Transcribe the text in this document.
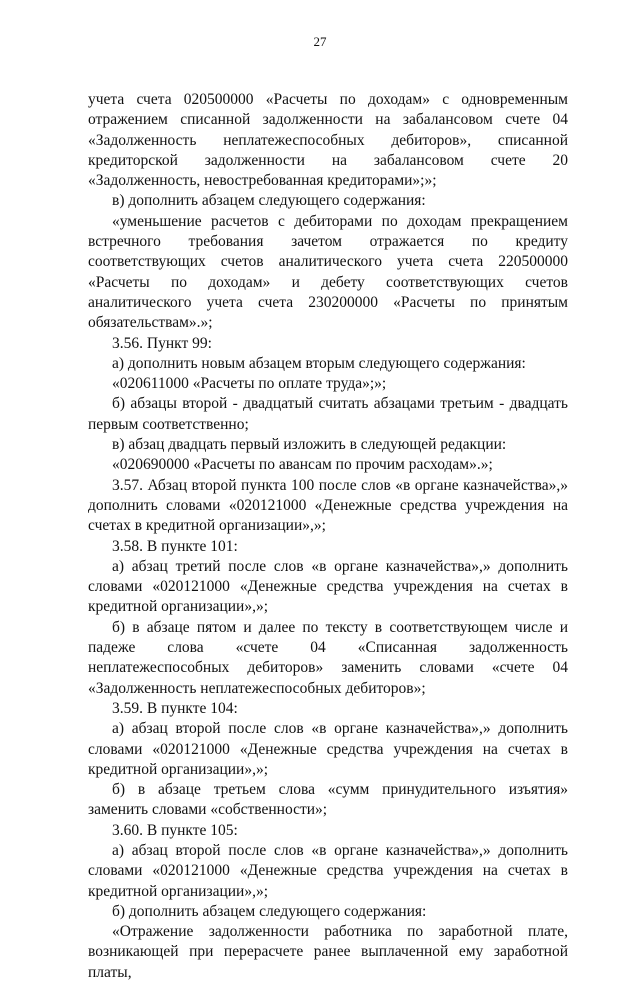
27

учета счета 020500000 «Расчеты по доходам» с одновременным отражением списанной задолженности на забалансовом счете 04 «Задолженность неплатежеспособных дебиторов», списанной кредиторской задолженности на забалансовом счете 20 «Задолженность, невостребованная кредиторами»;»;

в) дополнить абзацем следующего содержания:

«уменьшение расчетов с дебиторами по доходам прекращением встречного требования зачетом отражается по кредиту соответствующих счетов аналитического учета счета 220500000 «Расчеты по доходам» и дебету соответствующих счетов аналитического учета счета 230200000 «Расчеты по принятым обязательствам».»;

3.56. Пункт 99:

а) дополнить новым абзацем вторым следующего содержания:

«020611000 «Расчеты по оплате труда»;»;

б) абзацы второй - двадцатый считать абзацами третьим - двадцать первым соответственно;

в) абзац двадцать первый изложить в следующей редакции:

«020690000 «Расчеты по авансам по прочим расходам».»;

3.57. Абзац второй пункта 100 после слов «в органе казначейства»,» дополнить словами «020121000 «Денежные средства учреждения на счетах в кредитной организации»,»;

3.58. В пункте 101:

а) абзац третий после слов «в органе казначейства»,» дополнить словами «020121000 «Денежные средства учреждения на счетах в кредитной организации»,»;

б) в абзаце пятом и далее по тексту в соответствующем числе и падеже слова «счете 04 «Списанная задолженность неплатежеспособных дебиторов» заменить словами «счете 04 «Задолженность неплатежеспособных дебиторов»;

3.59. В пункте 104:

а) абзац второй после слов «в органе казначейства»,» дополнить словами «020121000 «Денежные средства учреждения на счетах в кредитной организации»,»;

б) в абзаце третьем слова «сумм принудительного изъятия» заменить словами «собственности»;

3.60. В пункте 105:

а) абзац второй после слов «в органе казначейства»,» дополнить словами «020121000 «Денежные средства учреждения на счетах в кредитной организации»,»;

б) дополнить абзацем следующего содержания:

«Отражение задолженности работника по заработной плате, возникающей при перерасчете ранее выплаченной ему заработной платы,
